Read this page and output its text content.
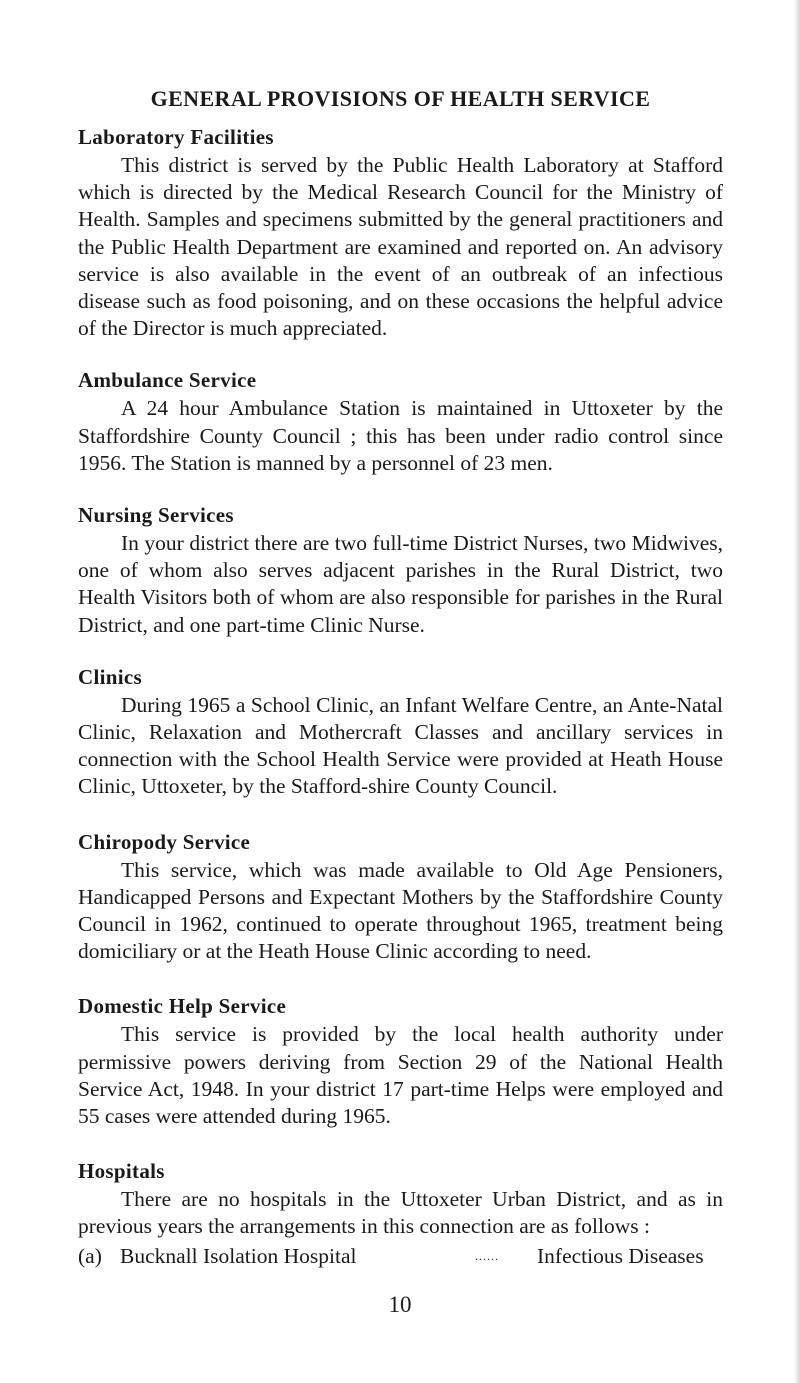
GENERAL PROVISIONS OF HEALTH SERVICE
Laboratory Facilities

This district is served by the Public Health Laboratory at Stafford which is directed by the Medical Research Council for the Ministry of Health. Samples and specimens submitted by the general practitioners and the Public Health Department are examined and reported on. An advisory service is also available in the event of an outbreak of an infectious disease such as food poisoning, and on these occasions the helpful advice of the Director is much appreciated.

Ambulance Service

A 24 hour Ambulance Station is maintained in Uttoxeter by the Staffordshire County Council ; this has been under radio control since 1956. The Station is manned by a personnel of 23 men.

Nursing Services

In your district there are two full-time District Nurses, two Midwives, one of whom also serves adjacent parishes in the Rural District, two Health Visitors both of whom are also responsible for parishes in the Rural District, and one part-time Clinic Nurse.

Clinics

During 1965 a School Clinic, an Infant Welfare Centre, an Ante-Natal Clinic, Relaxation and Mothercraft Classes and ancillary services in connection with the School Health Service were provided at Heath House Clinic, Uttoxeter, by the Stafford-shire County Council.

Chiropody Service

This service, which was made available to Old Age Pensioners, Handicapped Persons and Expectant Mothers by the Staffordshire County Council in 1962, continued to operate throughout 1965, treatment being domiciliary or at the Heath House Clinic according to need.

Domestic Help Service

This service is provided by the local health authority under permissive powers deriving from Section 29 of the National Health Service Act, 1948. In your district 17 part-time Helps were employed and 55 cases were attended during 1965.

Hospitals

There are no hospitals in the Uttoxeter Urban District, and as in previous years the arrangements in this connection are as follows :

(a) Bucknall Isolation Hospital	......	Infectious Diseases
10
